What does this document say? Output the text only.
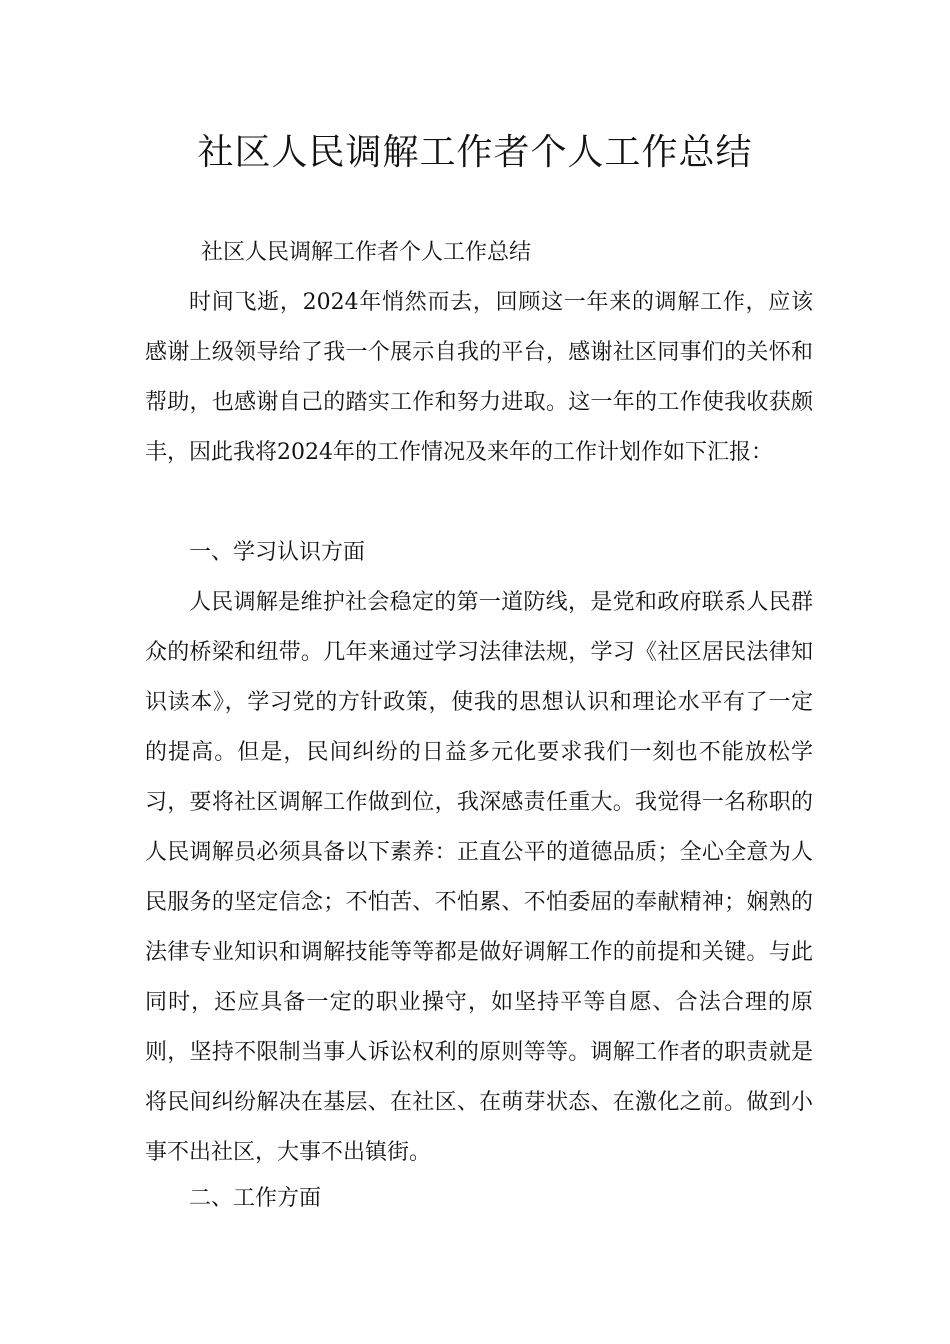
社区人民调解工作者个人工作总结

社区人民调解工作者个人工作总结

时间飞逝，2024年悄然而去，回顾这一年来的调解工作，应该感谢上级领导给了我一个展示自我的平台，感谢社区同事们的关怀和帮助，也感谢自己的踏实工作和努力进取。这一年的工作使我收获颇丰，因此我将2024年的工作情况及来年的工作计划作如下汇报：

一、学习认识方面

人民调解是维护社会稳定的第一道防线，是党和政府联系人民群众的桥梁和纽带。几年来通过学习法律法规，学习《社区居民法律知识读本》，学习党的方针政策，使我的思想认识和理论水平有了一定的提高。但是，民间纠纷的日益多元化要求我们一刻也不能放松学习，要将社区调解工作做到位，我深感责任重大。我觉得一名称职的人民调解员必须具备以下素养：正直公平的道德品质；全心全意为人民服务的坚定信念；不怕苦、不怕累、不怕委屈的奉献精神；娴熟的法律专业知识和调解技能等等都是做好调解工作的前提和关键。与此同时，还应具备一定的职业操守，如坚持平等自愿、合法合理的原则，坚持不限制当事人诉讼权利的原则等等。调解工作者的职责就是将民间纠纷解决在基层、在社区、在萌芽状态、在激化之前。做到小事不出社区，大事不出镇街。

二、工作方面
